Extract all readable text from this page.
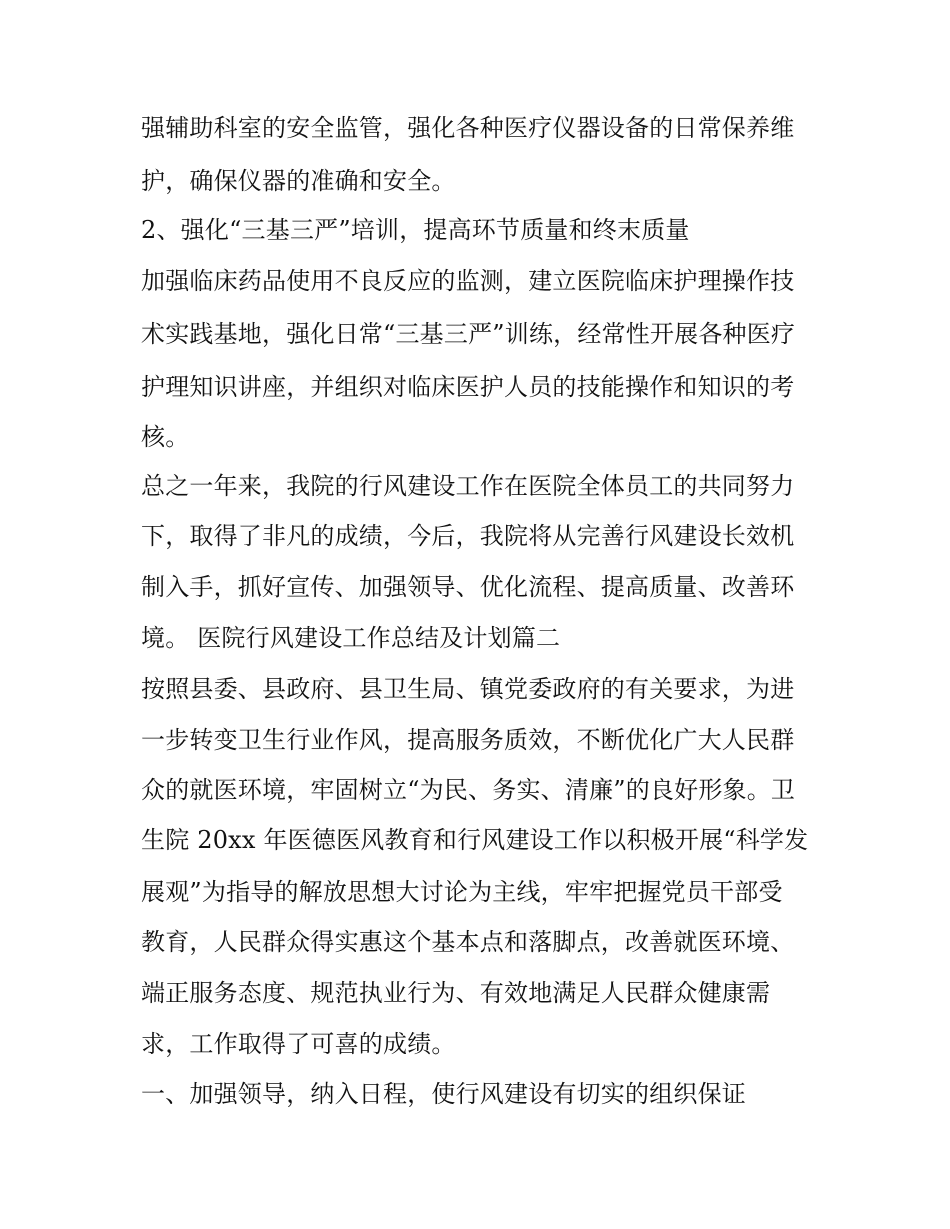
强辅助科室的安全监管，强化各种医疗仪器设备的日常保养维
护，确保仪器的准确和安全。
2、强化“三基三严”培训，提高环节质量和终末质量
加强临床药品使用不良反应的监测，建立医院临床护理操作技
术实践基地，强化日常“三基三严”训练，经常性开展各种医疗
护理知识讲座，并组织对临床医护人员的技能操作和知识的考
核。
总之一年来，我院的行风建设工作在医院全体员工的共同努力
下，取得了非凡的成绩，今后，我院将从完善行风建设长效机
制入手，抓好宣传、加强领导、优化流程、提高质量、改善环
境。 医院行风建设工作总结及计划篇二
按照县委、县政府、县卫生局、镇党委政府的有关要求，为进
一步转变卫生行业作风，提高服务质效，不断优化广大人民群
众的就医环境，牢固树立“为民、务实、清廉”的良好形象。卫
生院 20xx 年医德医风教育和行风建设工作以积极开展“科学发
展观”为指导的解放思想大讨论为主线，牢牢把握党员干部受
教育，人民群众得实惠这个基本点和落脚点，改善就医环境、
端正服务态度、规范执业行为、有效地满足人民群众健康需
求，工作取得了可喜的成绩。
一、加强领导，纳入日程，使行风建设有切实的组织保证
